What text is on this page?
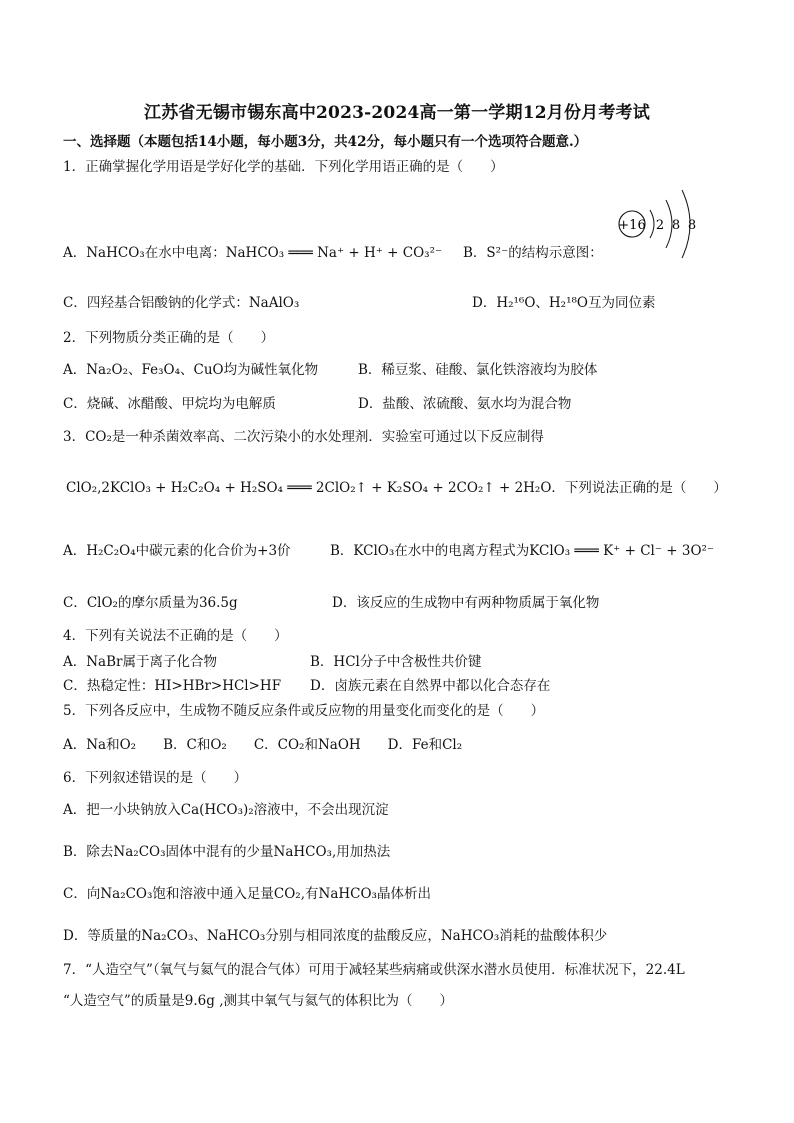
江苏省无锡市锡东高中2023-2024高一第一学期12月份月考考试
一、选择题（本题包括14小题，每小题3分，共42分，每小题只有一个选项符合题意.）
1．正确掌握化学用语是学好化学的基础．下列化学用语正确的是（　　）
+16 2 8 8
A．NaHCO₃在水中电离：NaHCO₃ ═══ Na⁺ + H⁺ + CO₃²⁻ B．S²⁻的结构示意图：
C．四羟基合铝酸钠的化学式：NaAlO₃	D．H₂¹⁶O、H₂¹⁸O互为同位素
2．下列物质分类正确的是（　　）
A．Na₂O₂、Fe₃O₄、CuO均为碱性氧化物	B．稀豆浆、硅酸、氯化铁溶液均为胶体
C．烧碱、冰醋酸、甲烷均为电解质	D．盐酸、浓硫酸、氨水均为混合物
3．CO₂是一种杀菌效率高、二次污染小的水处理剂．实验室可通过以下反应制得
ClO₂,2KClO₃ + H₂C₂O₄ + H₂SO₄ ═══ 2ClO₂↑ + K₂SO₄ + 2CO₂↑ + 2H₂O．下列说法正确的是（　　）
A．H₂C₂O₄中碳元素的化合价为+3价	B．KClO₃在水中的电离方程式为KClO₃ ═══ K⁺ + Cl⁻ + 3O²⁻
C．ClO₂的摩尔质量为36.5g	D．该反应的生成物中有两种物质属于氧化物
4．下列有关说法不正确的是（　　）
A．NaBr属于离子化合物	B．HCl分子中含极性共价键
C．热稳定性：HI>HBr>HCl>HF D．卤族元素在自然界中都以化合态存在
5．下列各反应中，生成物不随反应条件或反应物的用量变化而变化的是（　　）
A．Na和O₂　　B．C和O₂　　C．CO₂和NaOH　　D．Fe和Cl₂
6．下列叙述错误的是（　　）
A．把一小块钠放入Ca(HCO₃)₂溶液中，不会出现沉淀
B．除去Na₂CO₃固体中混有的少量NaHCO₃,用加热法
C．向Na₂CO₃饱和溶液中通入足量CO₂,有NaHCO₃晶体析出
D．等质量的Na₂CO₃、NaHCO₃分别与相同浓度的盐酸反应，NaHCO₃消耗的盐酸体积少
7．“人造空气”（氧气与氦气的混合气体）可用于减轻某些病痛或供深水潜水员使用．标准状况下，22.4L
“人造空气”的质量是9.6g ,测其中氧气与氦气的体积比为（　　）
